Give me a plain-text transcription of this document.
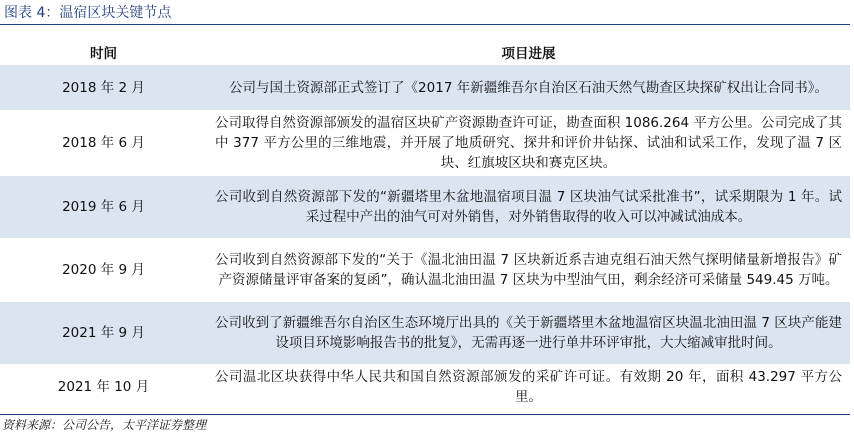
图表 4：温宿区块关键节点
时间	项目进展
2018 年 2 月	公司与国土资源部正式签订了《2017 年新疆维吾尔自治区石油天然气勘查区块探矿权出让合同书》。
2018 年 6 月	公司取得自然资源部颁发的温宿区块矿产资源勘查许可证，勘查面积 1086.264 平方公里。公司完成了其中 377 平方公里的三维地震，并开展了地质研究、探井和评价井钻探、试油和试采工作，发现了温 7 区块、红旗坡区块和赛克区块。
2019 年 6 月	公司收到自然资源部下发的“新疆塔里木盆地温宿项目温 7 区块油气试采批准书”，试采期限为 1 年。试采过程中产出的油气可对外销售，对外销售取得的收入可以冲减试油成本。
2020 年 9 月	公司收到自然资源部下发的“关于《温北油田温 7 区块新近系吉迪克组石油天然气探明储量新增报告》矿产资源储量评审备案的复函”，确认温北油田温 7 区块为中型油气田，剩余经济可采储量 549.45 万吨。
2021 年 9 月	公司收到了新疆维吾尔自治区生态环境厅出具的《关于新疆塔里木盆地温宿区块温北油田温 7 区块产能建设项目环境影响报告书的批复》，无需再逐一进行单井环评审批，大大缩减审批时间。
2021 年 10 月	公司温北区块获得中华人民共和国自然资源部颁发的采矿许可证。有效期 20 年，面积 43.297 平方公里。
资料来源：公司公告，太平洋证券整理
